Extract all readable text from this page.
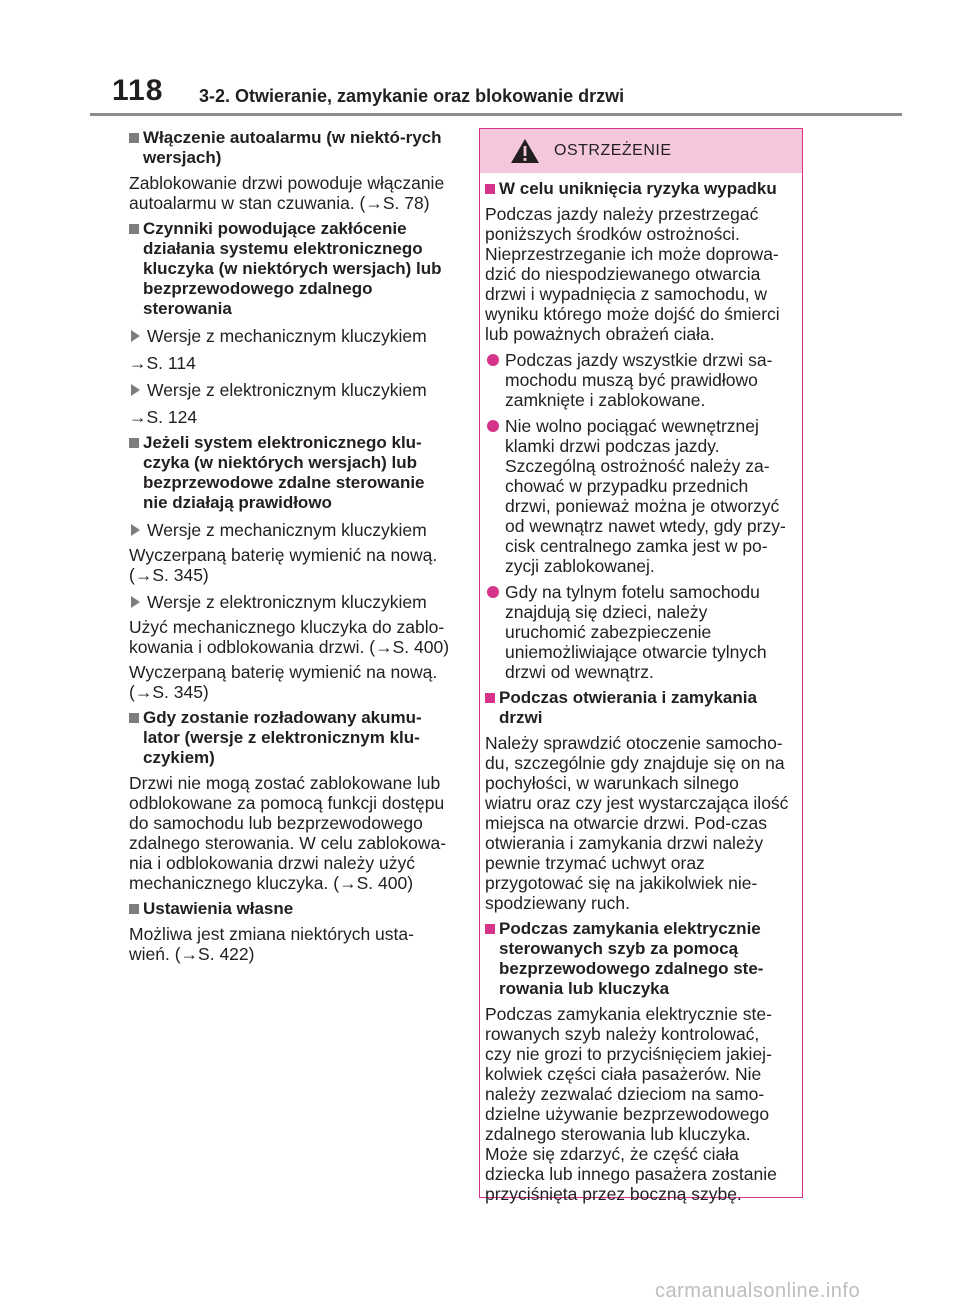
118 3-2. Otwieranie, zamykanie oraz blokowanie drzwi
Włączenie autoalarmu (w niektó-rych wersjach)
Zablokowanie drzwi powoduje włączanie autoalarmu w stan czuwania. (→S. 78)
Czynniki powodujące zakłócenie działania systemu elektronicznego kluczyka (w niektórych wersjach) lub bezprzewodowego zdalnego sterowania
Wersje z mechanicznym kluczykiem
→S. 114
Wersje z elektronicznym kluczykiem
→S. 124
Jeżeli system elektronicznego klu-czyka (w niektórych wersjach) lub bezprzewodowe zdalne sterowanie nie działają prawidłowo
Wersje z mechanicznym kluczykiem
Wyczerpaną baterię wymienić na nową. (→S. 345)
Wersje z elektronicznym kluczykiem
Użyć mechanicznego kluczyka do zablo-kowania i odblokowania drzwi. (→S. 400)
Wyczerpaną baterię wymienić na nową. (→S. 345)
Gdy zostanie rozładowany akumu-lator (wersje z elektronicznym klu-czykiem)
Drzwi nie mogą zostać zablokowane lub odblokowane za pomocą funkcji dostępu do samochodu lub bezprzewodowego zdalnego sterowania. W celu zablokowa-nia i odblokowania drzwi należy użyć mechanicznego kluczyka. (→S. 400)
Ustawienia własne
Możliwa jest zmiana niektórych usta-wień. (→S. 422)
OSTRZEŻENIE
W celu uniknięcia ryzyka wypadku
Podczas jazdy należy przestrzegać poniższych środków ostrożności. Nieprzestrzeganie ich może doprowa-dzić do niespodziewanego otwarcia drzwi i wypadnięcia z samochodu, w wyniku którego może dojść do śmierci lub poważnych obrażeń ciała.
Podczas jazdy wszystkie drzwi sa-mochodu muszą być prawidłowo zamknięte i zablokowane.
Nie wolno pociągać wewnętrznej klamki drzwi podczas jazdy. Szczególną ostrożność należy za-chować w przypadku przednich drzwi, ponieważ można je otworzyć od wewnątrz nawet wtedy, gdy przy-cisk centralnego zamka jest w po-zycji zablokowanej.
Gdy na tylnym fotelu samochodu znajdują się dzieci, należy uruchomić zabezpieczenie uniemożliwiające otwarcie tylnych drzwi od wewnątrz.
Podczas otwierania i zamykania drzwi
Należy sprawdzić otoczenie samocho-du, szczególnie gdy znajduje się on na pochyłości, w warunkach silnego wiatru oraz czy jest wystarczająca ilość miejsca na otwarcie drzwi. Pod-czas otwierania i zamykania drzwi należy pewnie trzymać uchwyt oraz przygotować się na jakikolwiek nie-spodziewany ruch.
Podczas zamykania elektrycznie sterowanych szyb za pomocą bezprzewodowego zdalnego ste-rowania lub kluczyka
Podczas zamykania elektrycznie ste-rowanych szyb należy kontrolować, czy nie grozi to przyciśnięciem jakiej-kolwiek części ciała pasażerów. Nie należy zezwalać dzieciom na samo-dzielne używanie bezprzewodowego zdalnego sterowania lub kluczyka. Może się zdarzyć, że część ciała dziecka lub innego pasażera zostanie przyciśnięta przez boczną szybę.
carmanualsonline.info
